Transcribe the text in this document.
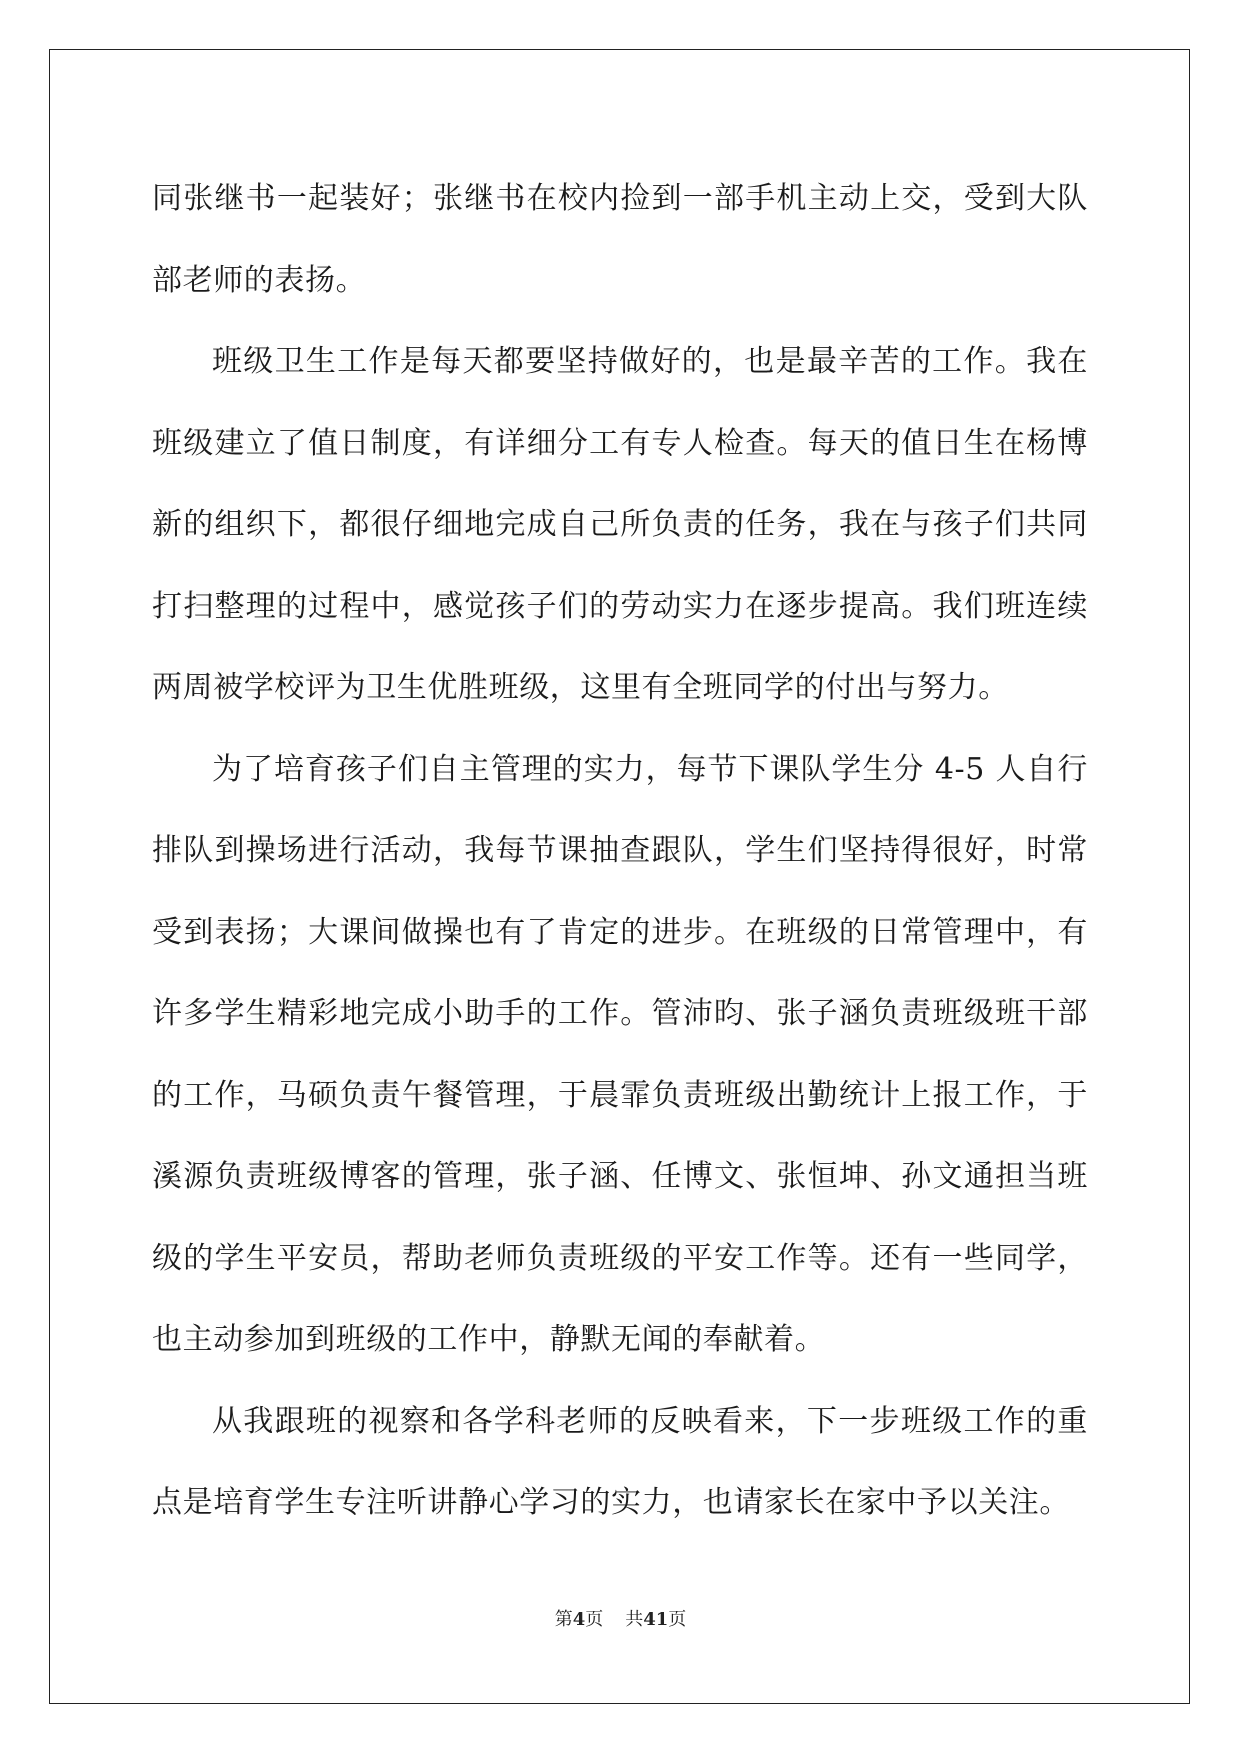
同张继书一起装好；张继书在校内捡到一部手机主动上交，受到大队部老师的表扬。

班级卫生工作是每天都要坚持做好的，也是最辛苦的工作。我在班级建立了值日制度，有详细分工有专人检查。每天的值日生在杨博新的组织下，都很仔细地完成自己所负责的任务，我在与孩子们共同打扫整理的过程中，感觉孩子们的劳动实力在逐步提高。我们班连续两周被学校评为卫生优胜班级，这里有全班同学的付出与努力。

为了培育孩子们自主管理的实力，每节下课队学生分 4-5 人自行排队到操场进行活动，我每节课抽查跟队，学生们坚持得很好，时常受到表扬；大课间做操也有了肯定的进步。在班级的日常管理中，有许多学生精彩地完成小助手的工作。管沛昀、张子涵负责班级班干部的工作，马硕负责午餐管理，于晨霏负责班级出勤统计上报工作，于溪源负责班级博客的管理，张子涵、任博文、张恒坤、孙文通担当班级的学生平安员，帮助老师负责班级的平安工作等。还有一些同学，也主动参加到班级的工作中，静默无闻的奉献着。

从我跟班的视察和各学科老师的反映看来，下一步班级工作的重点是培育学生专注听讲静心学习的实力，也请家长在家中予以关注。

第4页 共41页
